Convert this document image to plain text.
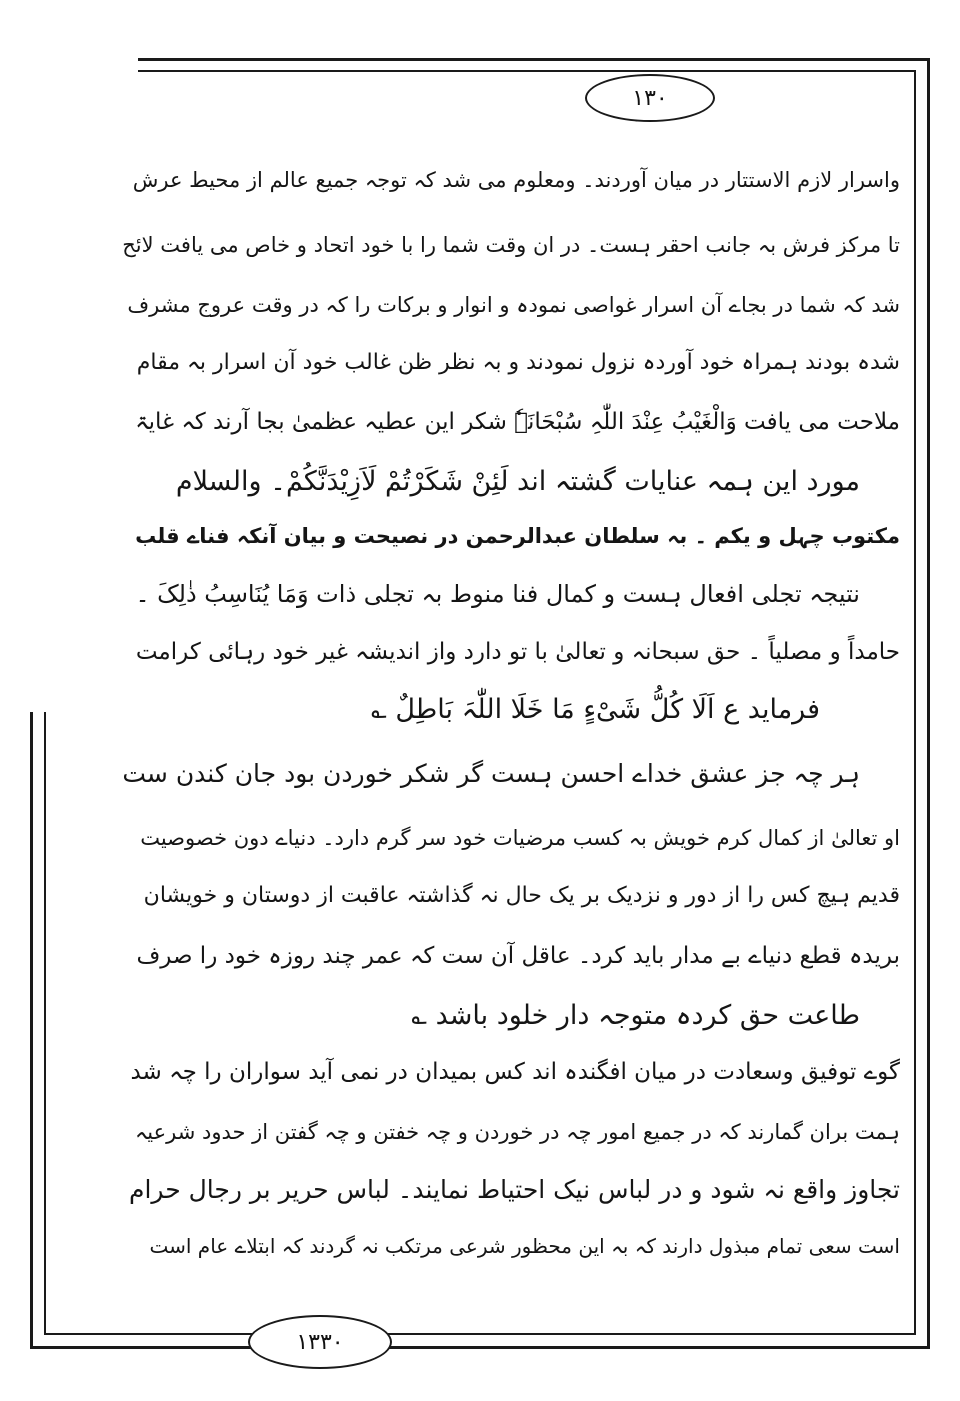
١٣٠
١٣٣٠
واسرار لازم الاستتار در میان آوردند۔ ومعلوم می شد کہ توجہ جمیع عالم از محیط عرش
تا مرکز فرش بہ جانب احقر ہست۔ در ان وقت شما را با خود اتحاد و خاص می یافت لائح
شد کہ شما در بجاے آن اسرار غواصی نمودہ و انوار و برکات را کہ در وقت عروج مشرف
شدہ بودند ہمراہ خود آوردہ نزول نمودند و بہ نظر ظن غالب خود آن اسرار بہ مقام
ملاحت می یافت وَالْغَیْبُ عِنْدَ اللّٰہِ سُبْحَانَہٗ شکر این عطیہ عظمیٰ بجا آرند کہ غایۃ
مورد این ہمہ عنایات گشتہ اند لَئِنْ شَکَرْتُمْ لَاَزِیْدَنَّکُمْ۔ والسلام
مکتوب چہل و یکم ۔ بہ سلطان عبدالرحمن در نصیحت و بیان آنکہ فناے قلب
نتیجہ تجلی افعال ہست و کمال فنا منوط بہ تجلی ذات وَمَا یُنَاسِبُ ذٰلِکَ ۔
حامداً و مصلیاً ۔ حق سبحانہ و تعالیٰ با تو دارد واز اندیشہ غیر خود رہائی کرامت
فرماید ع اَلَا کُلُّ شَیْءٍ مَا خَلَا اللّٰہَ بَاطِلٌ ؎
ہر چہ جز عشق خداے احسن ہست گر شکر خوردن بود جان کندن ست
او تعالیٰ از کمال کرم خویش بہ کسب مرضیات خود سر گرم دارد۔ دنیاے دون خصوصیت
قدیم ہیچ کس را از دور و نزدیک بر یک حال نہ گذاشتہ عاقبت از دوستان و خویشان
بریدہ قطع دنیاے بے مدار باید کرد۔ عاقل آن ست کہ عمر چند روزہ خود را صرف
طاعت حق کردہ متوجہ دار خلود باشد ؎
گوے توفیق وسعادت در میان افگندہ اند کس بمیدان در نمی آید سواران را چہ شد
ہمت بران گمارند کہ در جمیع امور چہ در خوردن و چہ خفتن و چہ گفتن از حدود شرعیہ
تجاوز واقع نہ شود و در لباس نیک احتیاط نمایند۔ لباس حریر بر رجال حرام
است سعی تمام مبذول دارند کہ بہ این محظور شرعی مرتکب نہ گردند کہ ابتلاے عام است
